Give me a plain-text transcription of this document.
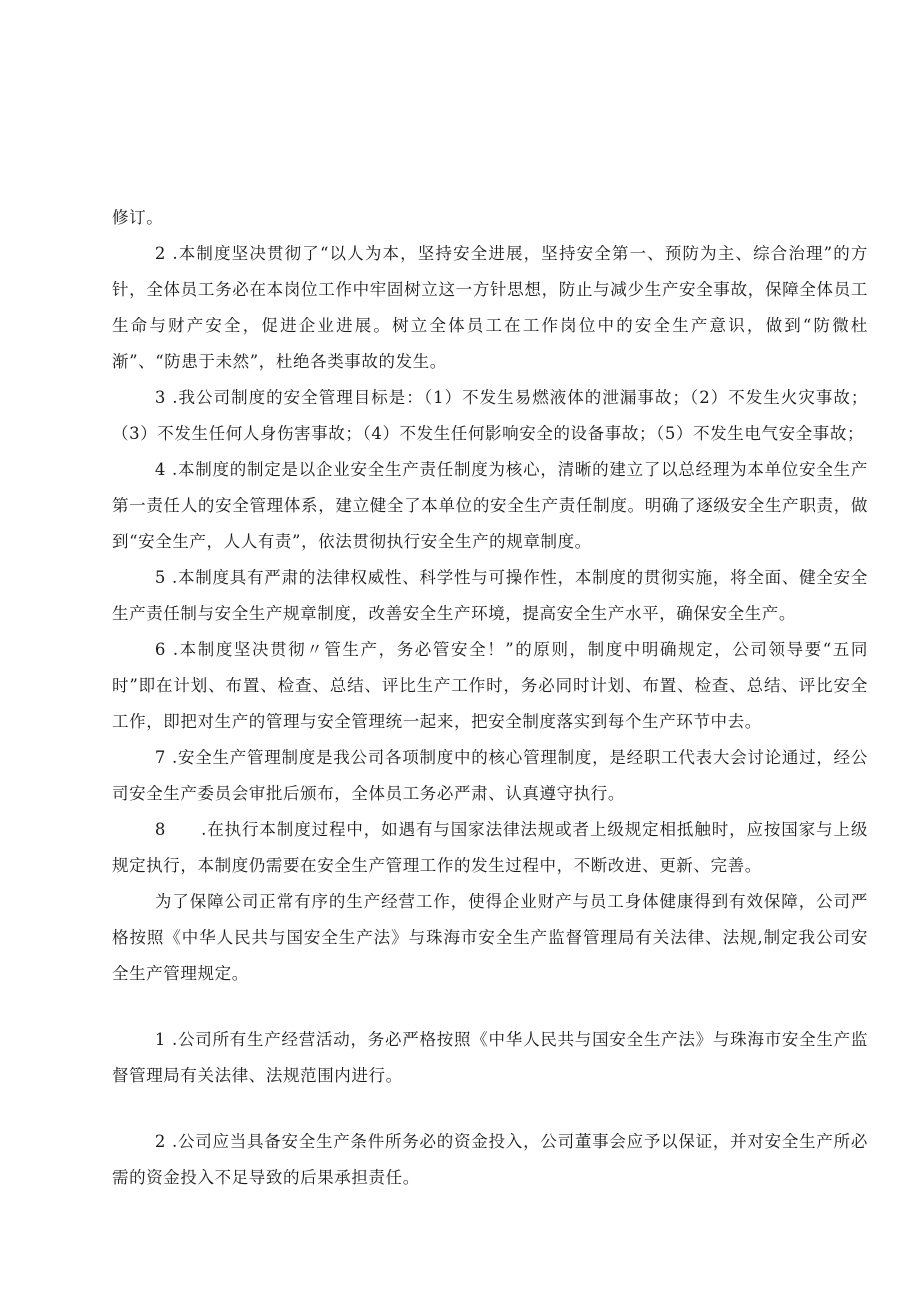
修订。

2 .本制度坚决贯彻了“以人为本，坚持安全进展，坚持安全第一、预防为主、综合治理”的方针，全体员工务必在本岗位工作中牢固树立这一方针思想，防止与减少生产安全事故，保障全体员工生命与财产安全，促进企业进展。树立全体员工在工作岗位中的安全生产意识，做到“防微杜渐”、“防患于未然”，杜绝各类事故的发生。

3 .我公司制度的安全管理目标是：（1）不发生易燃液体的泄漏事故；（2）不发生火灾事故；（3）不发生任何人身伤害事故；（4）不发生任何影响安全的设备事故；（5）不发生电气安全事故；

4 .本制度的制定是以企业安全生产责任制度为核心，清晰的建立了以总经理为本单位安全生产第一责任人的安全管理体系，建立健全了本单位的安全生产责任制度。明确了逐级安全生产职责，做到“安全生产，人人有责”，依法贯彻执行安全生产的规章制度。

5 .本制度具有严肃的法律权威性、科学性与可操作性，本制度的贯彻实施，将全面、健全安全生产责任制与安全生产规章制度，改善安全生产环境，提高安全生产水平，确保安全生产。

6 .本制度坚决贯彻〃管生产，务必管安全！”的原则，制度中明确规定，公司领导要“五同时”即在计划、布置、检查、总结、评比生产工作时，务必同时计划、布置、检查、总结、评比安全工作，即把对生产的管理与安全管理统一起来，把安全制度落实到每个生产环节中去。

7 .安全生产管理制度是我公司各项制度中的核心管理制度，是经职工代表大会讨论通过，经公司安全生产委员会审批后颁布，全体员工务必严肃、认真遵守执行。

8　　.在执行本制度过程中，如遇有与国家法律法规或者上级规定相抵触时，应按国家与上级规定执行，本制度仍需要在安全生产管理工作的发生过程中，不断改进、更新、完善。

为了保障公司正常有序的生产经营工作，使得企业财产与员工身体健康得到有效保障，公司严格按照《中华人民共与国安全生产法》与珠海市安全生产监督管理局有关法律、法规,制定我公司安全生产管理规定。

1 .公司所有生产经营活动，务必严格按照《中华人民共与国安全生产法》与珠海市安全生产监督管理局有关法律、法规范围内进行。

2 .公司应当具备安全生产条件所务必的资金投入，公司董事会应予以保证，并对安全生产所必需的资金投入不足导致的后果承担责任。
